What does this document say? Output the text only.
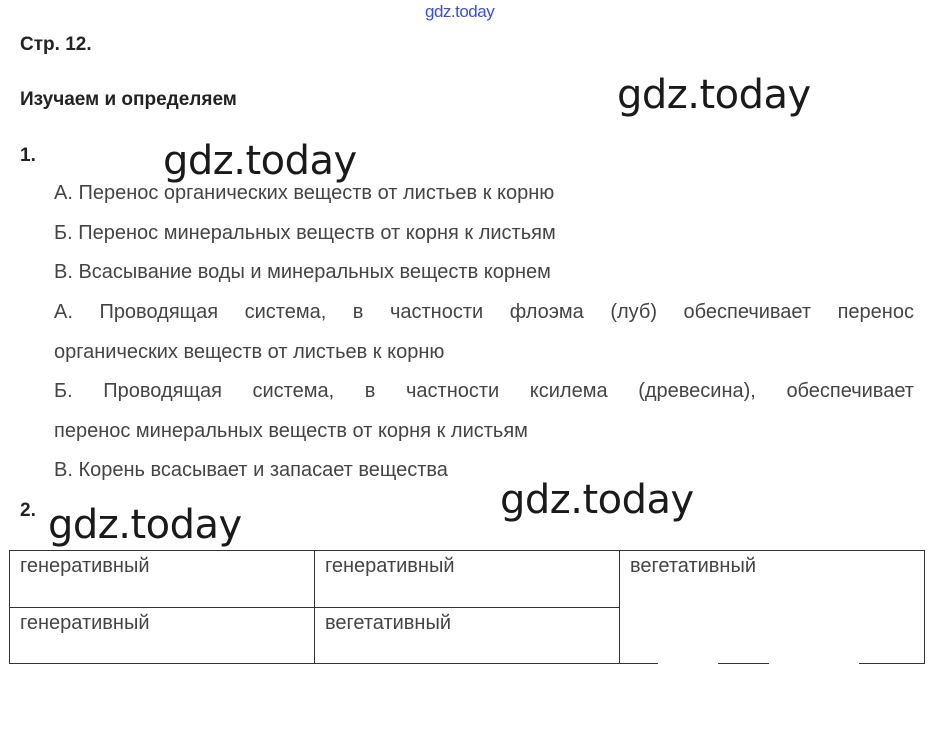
gdz.today
Стр. 12.
Изучаем и определяем	gdz.today
gdz.today
gdz.today
gdz.today
1.
А. Перенос органических веществ от листьев к корню
Б. Перенос минеральных веществ от корня к листьям
В. Всасывание воды и минеральных веществ корнем
А. Проводящая система, в частности флоэма (луб) обеспечивает перенос
органических веществ от листьев к корню
Б. Проводящая система, в частности ксилема (древесина), обеспечивает
перенос минеральных веществ от корня к листьям
В. Корень всасывает и запасает вещества
2.
генеративный	генеративный	вегетативный
генеративный	вегетативный	
